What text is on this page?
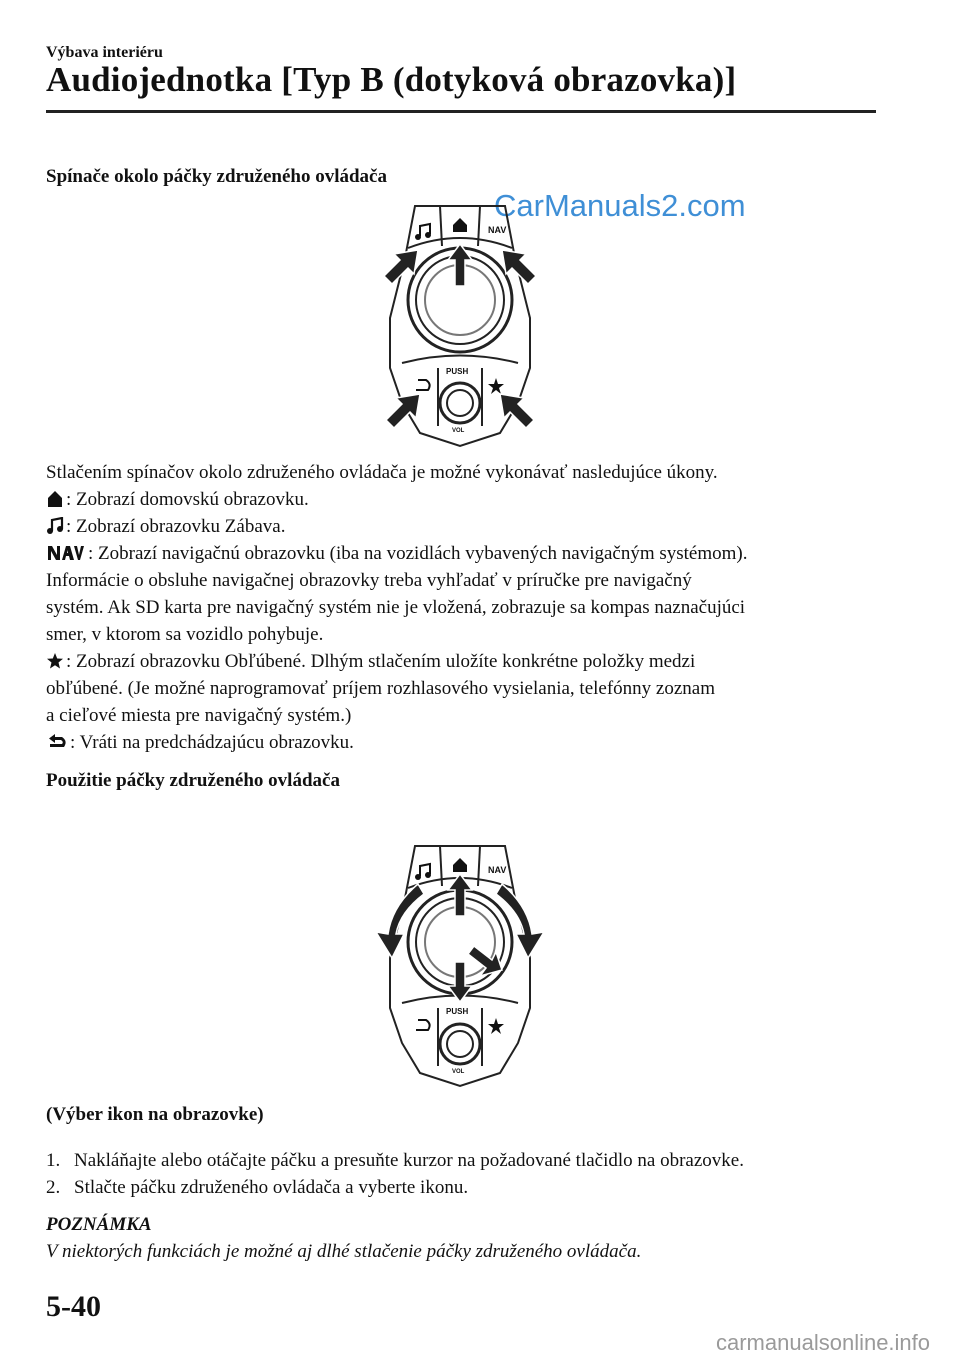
Výbava interiéru
Audiojednotka [Typ B (dotyková obrazovka)]
Spínače okolo páčky združeného ovládača
CarManuals2.com
NAV
PUSH
VOL
Stlačením spínačov okolo združeného ovládača je možné vykonávať nasledujúce úkony.
: Zobrazí domovskú obrazovku.
: Zobrazí obrazovku Zábava.
: Zobrazí navigačnú obrazovku (iba na vozidlách vybavených navigačným systémom).
Informácie o obsluhe navigačnej obrazovky treba vyhľadať v príručke pre navigačný
systém. Ak SD karta pre navigačný systém nie je vložená, zobrazuje sa kompas naznačujúci
smer, v ktorom sa vozidlo pohybuje.
: Zobrazí obrazovku Obľúbené. Dlhým stlačením uložíte konkrétne položky medzi
obľúbené. (Je možné naprogramovať príjem rozhlasového vysielania, telefónny zoznam
a cieľové miesta pre navigačný systém.)
: Vráti na predchádzajúcu obrazovku.
Použitie páčky združeného ovládača
NAV
PUSH
VOL
(Výber ikon na obrazovke)
1. Nakláňajte alebo otáčajte páčku a presuňte kurzor na požadované tlačidlo na obrazovke.
2. Stlačte páčku združeného ovládača a vyberte ikonu.
POZNÁMKA
V niektorých funkciách je možné aj dlhé stlačenie páčky združeného ovládača.
5-40
carmanualsonline.info
